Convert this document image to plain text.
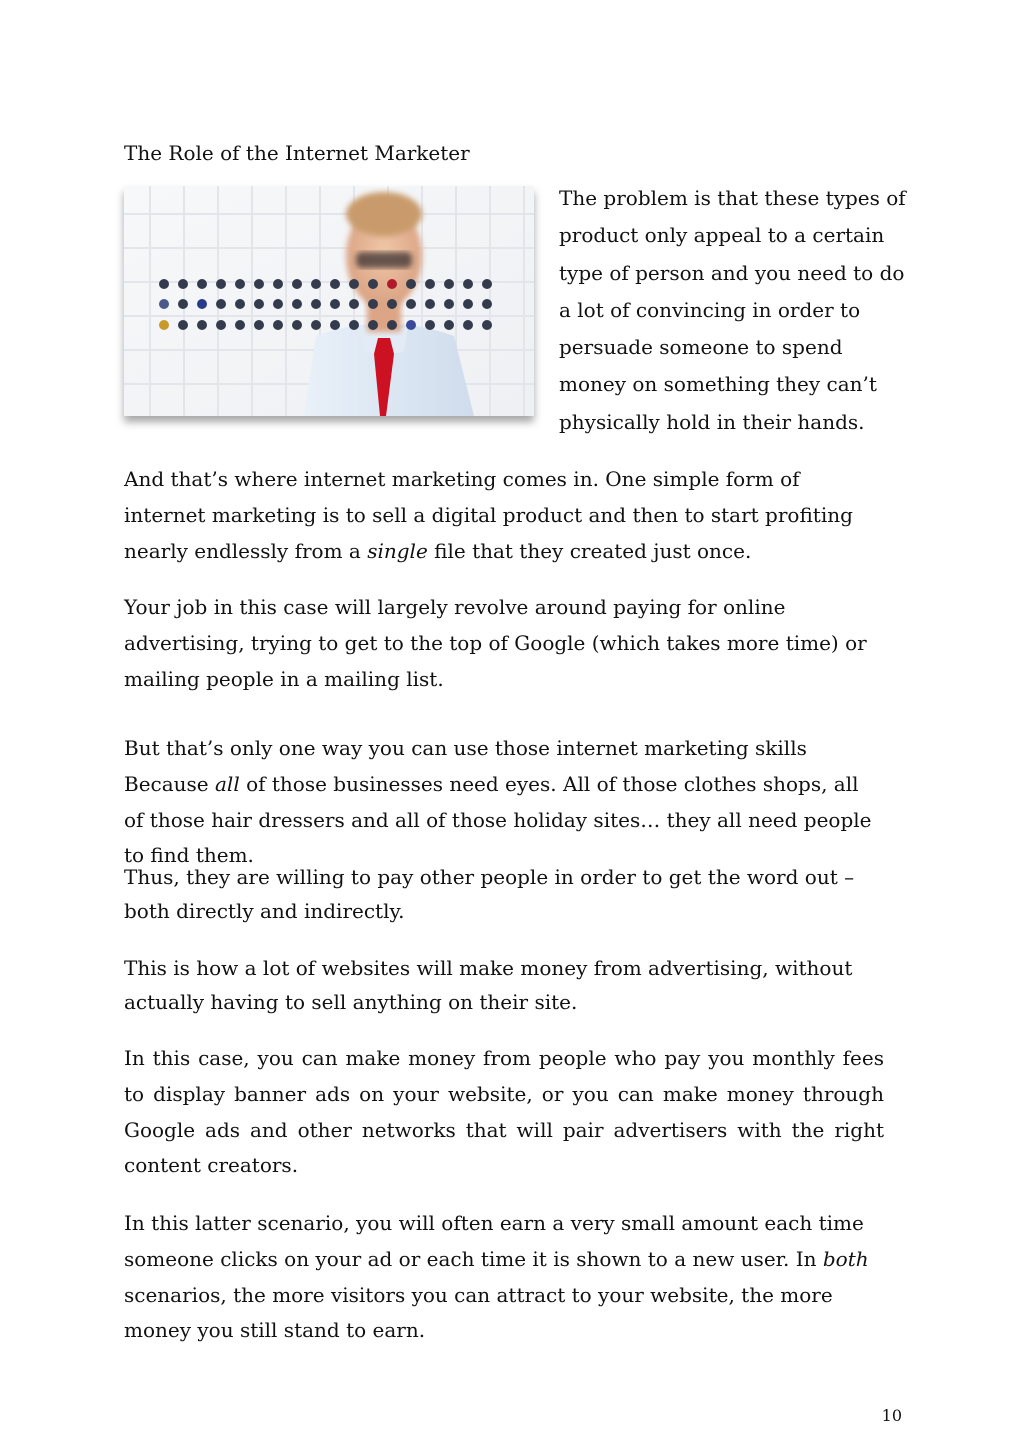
The Role of the Internet Marketer

The problem is that these types of product only appeal to a certain type of person and you need to do a lot of convincing in order to persuade someone to spend money on something they can’t physically hold in their hands.

And that’s where internet marketing comes in. One simple form of internet marketing is to sell a digital product and then to start profiting nearly endlessly from a single file that they created just once.

Your job in this case will largely revolve around paying for online advertising, trying to get to the top of Google (which takes more time) or mailing people in a mailing list.

But that’s only one way you can use those internet marketing skills Because all of those businesses need eyes. All of those clothes shops, all of those hair dressers and all of those holiday sites… they all need people to find them.

Thus, they are willing to pay other people in order to get the word out – both directly and indirectly.

This is how a lot of websites will make money from advertising, without actually having to sell anything on their site.

In this case, you can make money from people who pay you monthly fees to display banner ads on your website, or you can make money through Google ads and other networks that will pair advertisers with the right content creators.

In this latter scenario, you will often earn a very small amount each time someone clicks on your ad or each time it is shown to a new user. In both scenarios, the more visitors you can attract to your website, the more money you still stand to earn.

10
